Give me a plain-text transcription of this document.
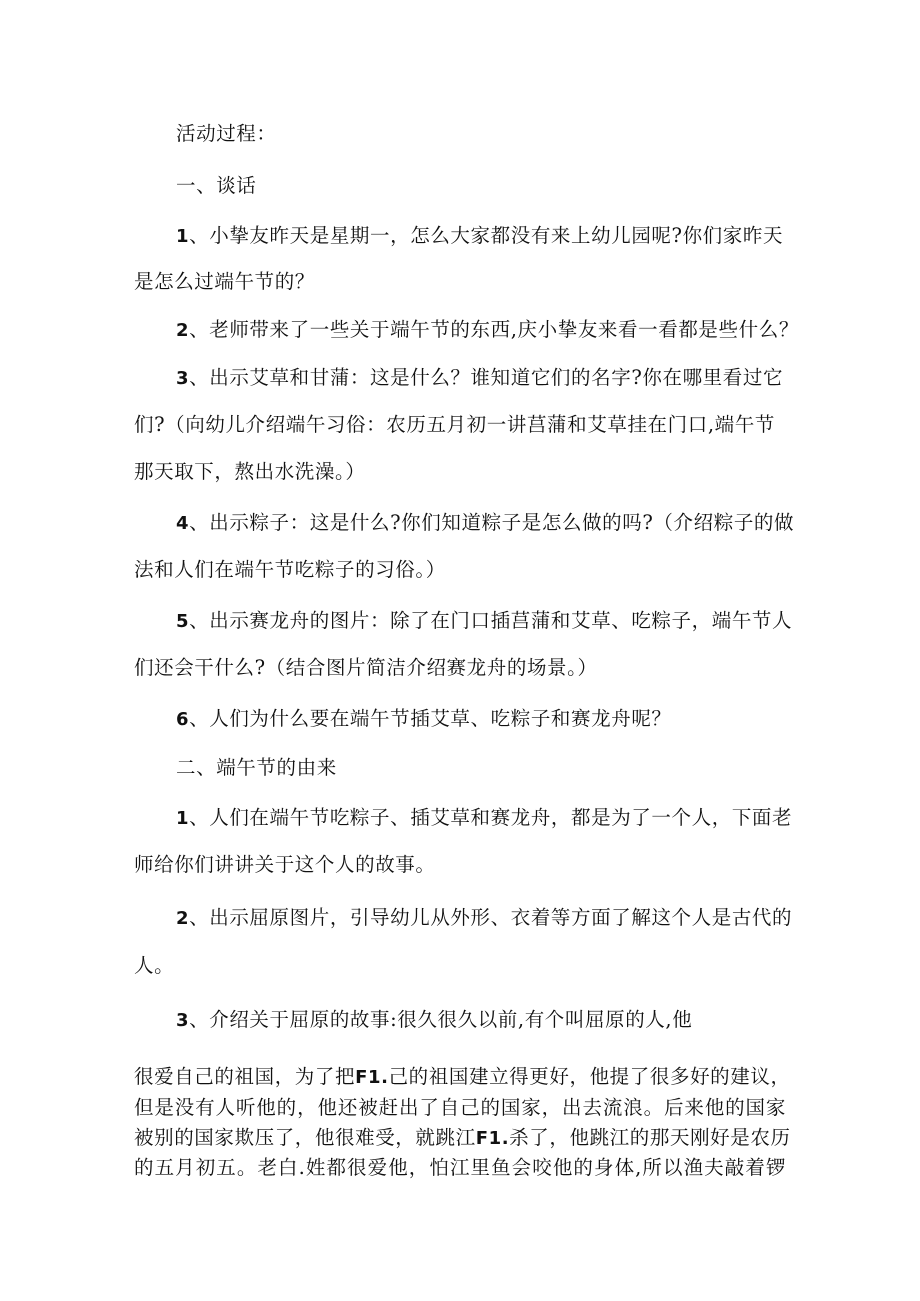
活动过程：
一、谈话
1、小挚友昨天是星期一，怎么大家都没有来上幼儿园呢?你们家昨天
是怎么过端午节的？
2、老师带来了一些关于端午节的东西,庆小挚友来看一看都是些什么？
3、出示艾草和甘蒲：这是什么？谁知道它们的名字?你在哪里看过它
们?（向幼儿介绍端午习俗：农历五月初一讲莒蒲和艾草挂在门口,端午节
那天取下，熬出水洗澡。）
4、出示粽子：这是什么?你们知道粽子是怎么做的吗?（介绍粽子的做
法和人们在端午节吃粽子的习俗。）
5、出示赛龙舟的图片：除了在门口插莒蒲和艾草、吃粽子，端午节人
们还会干什么?（结合图片简洁介绍赛龙舟的场景。）
6、人们为什么要在端午节插艾草、吃粽子和赛龙舟呢？
二、端午节的由来
1、人们在端午节吃粽子、插艾草和赛龙舟，都是为了一个人，下面老
师给你们讲讲关于这个人的故事。
2、出示屈原图片，引导幼儿从外形、衣着等方面了解这个人是古代的
人。
3、介绍关于屈原的故事:很久很久以前,有个叫屈原的人,他
很爱自己的祖国，为了把F1.己的祖国建立得更好，他提了很多好的建议，
但是没有人听他的，他还被赶出了自己的国家，出去流浪。后来他的国家
被别的国家欺压了，他很难受，就跳江F1.杀了，他跳江的那天刚好是农历
的五月初五。老白.姓都很爱他，怕江里鱼会咬他的身体,所以渔夫敲着锣
